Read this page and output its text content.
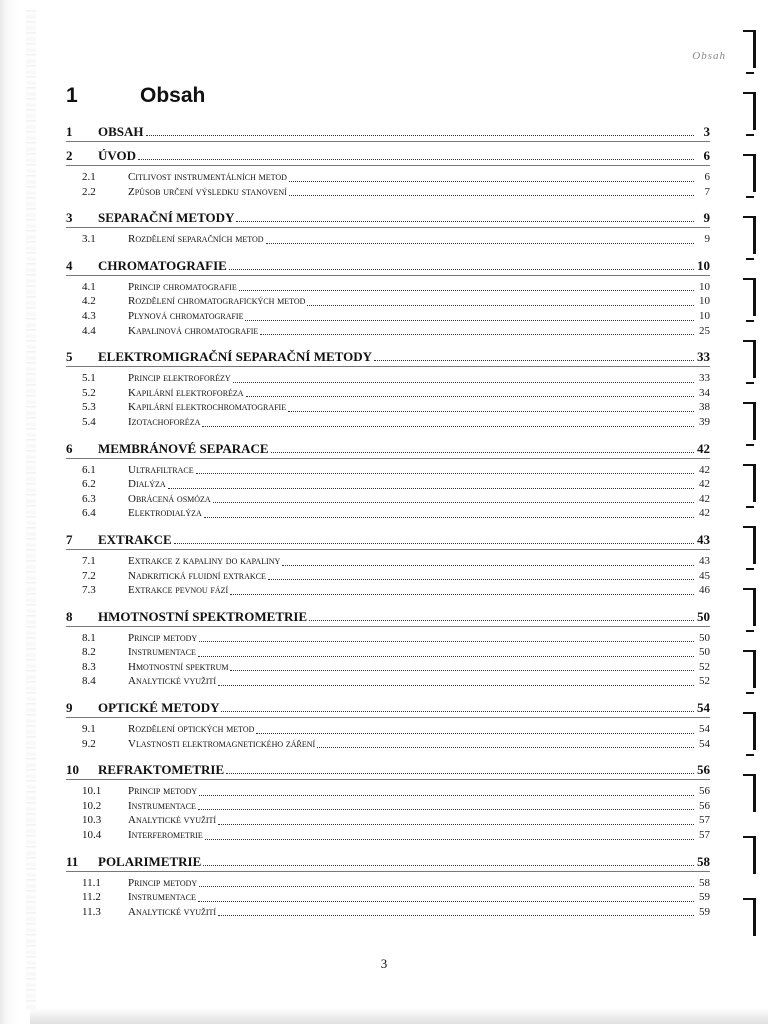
Obsah
1	Obsah
1	OBSAH	3
2	ÚVOD	6
2.1	Citlivost instrumentálních metod	6
2.2	Způsob určení výsledku stanovení	7
3	SEPARAČNÍ METODY	9
3.1	Rozdělení separačních metod	9
4	CHROMATOGRAFIE	10
4.1	Princip chromatografie	10
4.2	Rozdělení chromatografických metod	10
4.3	Plynová chromatografie	10
4.4	Kapalinová chromatografie	25
5	ELEKTROMIGRAČNÍ SEPARAČNÍ METODY	33
5.1	Princip elektroforézy	33
5.2	Kapilární elektroforéza	34
5.3	Kapilární elektrochromatografie	38
5.4	Izotachoforéza	39
6	MEMBRÁNOVÉ SEPARACE	42
6.1	Ultrafiltrace	42
6.2	Dialýza	42
6.3	Obrácená osmóza	42
6.4	Elektrodialýza	42
7	EXTRAKCE	43
7.1	Extrakce z kapaliny do kapaliny	43
7.2	Nadkritická fluidní extrakce	45
7.3	Extrakce pevnou fází	46
8	HMOTNOSTNÍ SPEKTROMETRIE	50
8.1	Princip metody	50
8.2	Instrumentace	50
8.3	Hmotnostní spektrum	52
8.4	Analytické využití	52
9	OPTICKÉ METODY	54
9.1	Rozdělení optických metod	54
9.2	Vlastnosti elektromagnetického záření	54
10	REFRAKTOMETRIE	56
10.1	Princip metody	56
10.2	Instrumentace	56
10.3	Analytické využití	57
10.4	Interferometrie	57
11	POLARIMETRIE	58
11.1	Princip metody	58
11.2	Instrumentace	59
11.3	Analytické využití	59
3
